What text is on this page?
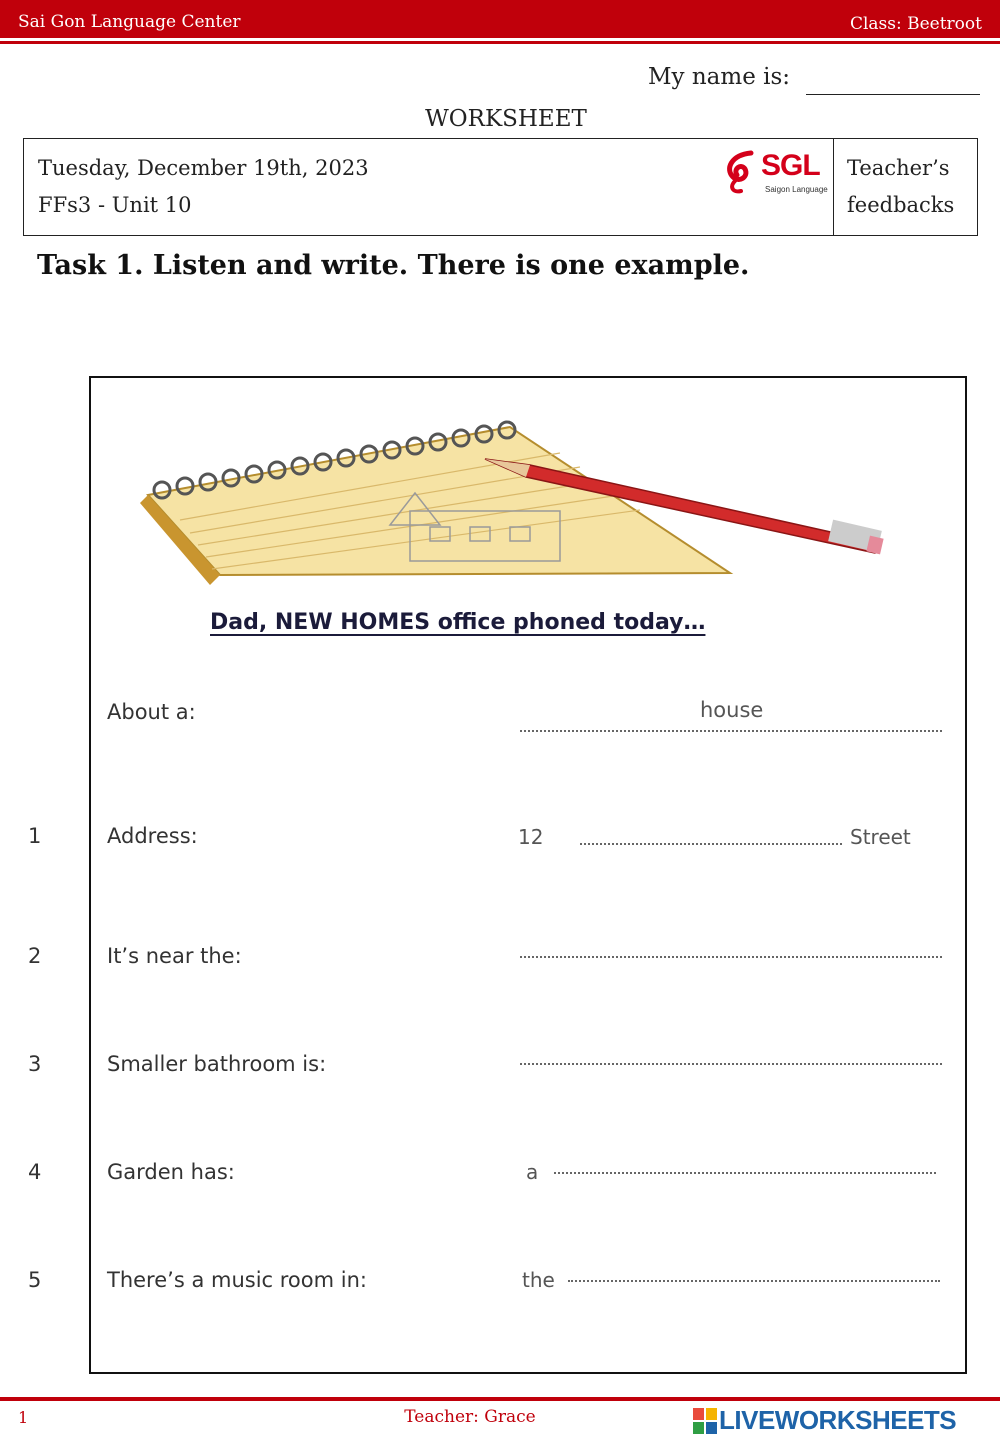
Sai Gon Language Center	Class: Beetroot
My name is:
WORKSHEET
Tuesday, December 19th, 2023
FFs3 - Unit 10
SGL
Saigon Language
Teacher’s
feedbacks
Task 1. Listen and write. There is one example.
Dad, NEW HOMES office phoned today…
About a:	house
1	Address:	12	Street
2	It’s near the:
3	Smaller bathroom is:
4	Garden has:	a
5	There’s a music room in:	the
1	Teacher: Grace	LIVEWORKSHEETS
